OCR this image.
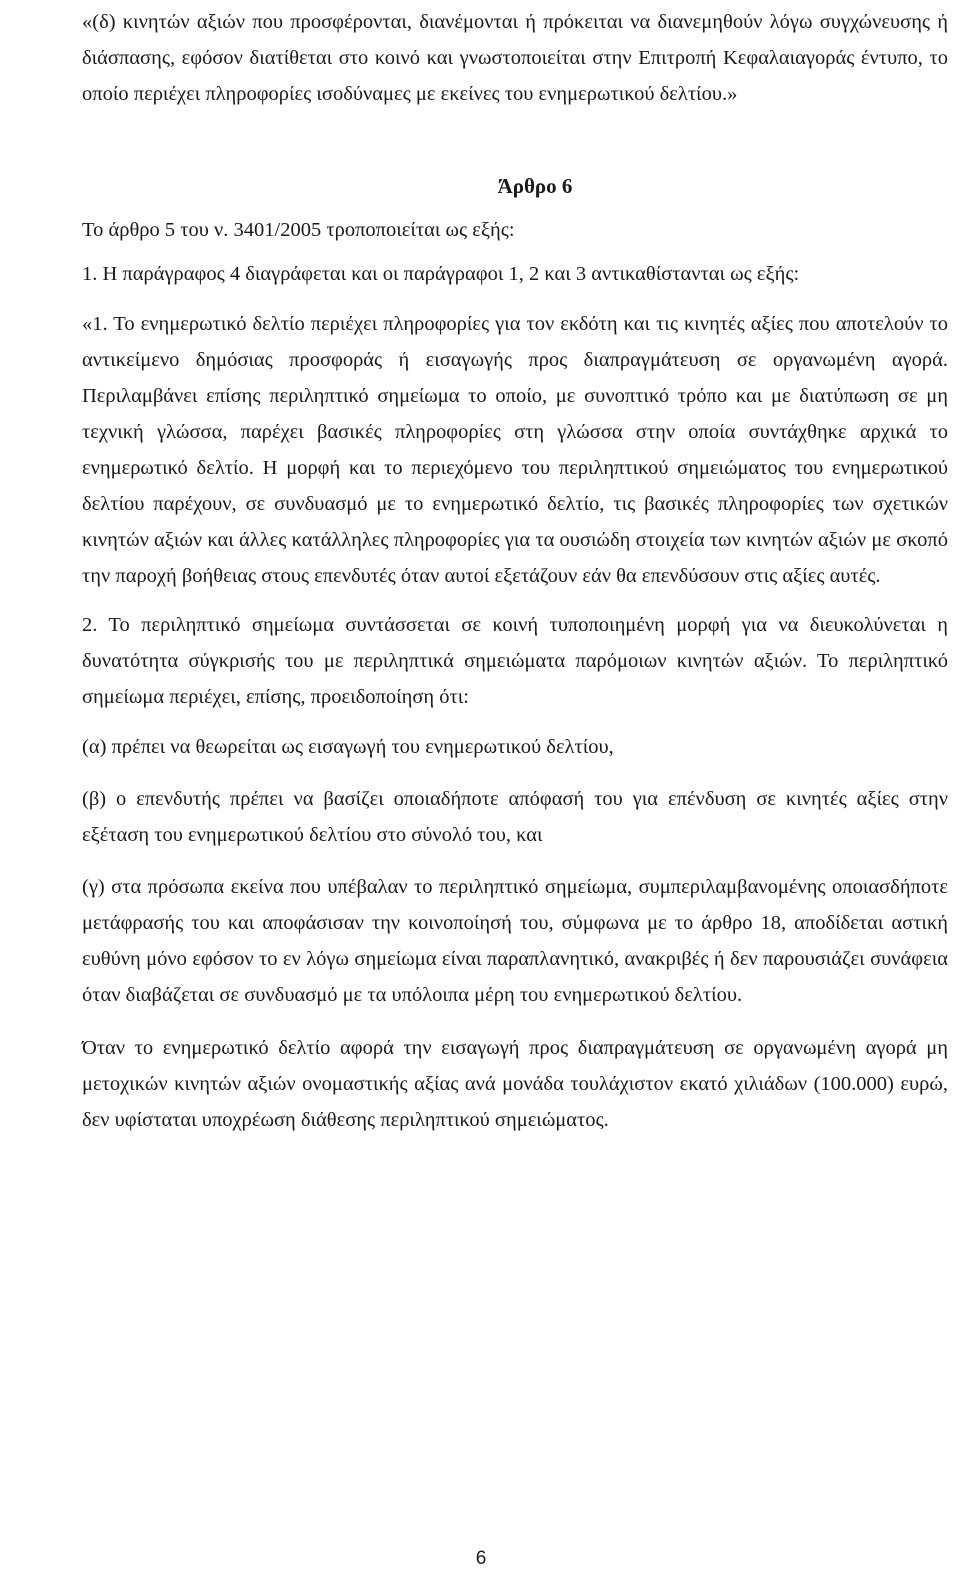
«(δ) κινητών αξιών που προσφέρονται, διανέμονται ή πρόκειται να διανεμηθούν λόγω συγχώνευσης ή διάσπασης, εφόσον διατίθεται στο κοινό και γνωστοποιείται στην Επιτροπή Κεφαλαιαγοράς έντυπο, το οποίο περιέχει πληροφορίες ισοδύναμες με εκείνες του ενημερωτικού δελτίου.»

Άρθρο 6

Το άρθρο 5 του ν. 3401/2005 τροποποιείται ως εξής:

1. Η παράγραφος 4 διαγράφεται και οι παράγραφοι 1, 2 και 3 αντικαθίστανται ως εξής:

«1. Το ενημερωτικό δελτίο περιέχει πληροφορίες για τον εκδότη και τις κινητές αξίες που αποτελούν το αντικείμενο δημόσιας προσφοράς ή εισαγωγής προς διαπραγμάτευση σε οργανωμένη αγορά. Περιλαμβάνει επίσης περιληπτικό σημείωμα το οποίο, με συνοπτικό τρόπο και με διατύπωση σε μη τεχνική γλώσσα, παρέχει βασικές πληροφορίες στη γλώσσα στην οποία συντάχθηκε αρχικά το ενημερωτικό δελτίο. Η μορφή και το περιεχόμενο του περιληπτικού σημειώματος του ενημερωτικού δελτίου παρέχουν, σε συνδυασμό με το ενημερωτικό δελτίο, τις βασικές πληροφορίες των σχετικών κινητών αξιών και άλλες κατάλληλες πληροφορίες για τα ουσιώδη στοιχεία των κινητών αξιών με σκοπό την παροχή βοήθειας στους επενδυτές όταν αυτοί εξετάζουν εάν θα επενδύσουν στις αξίες αυτές.

2. Το περιληπτικό σημείωμα συντάσσεται σε κοινή τυποποιημένη μορφή για να διευκολύνεται η δυνατότητα σύγκρισής του με περιληπτικά σημειώματα παρόμοιων κινητών αξιών. Το περιληπτικό σημείωμα περιέχει, επίσης, προειδοποίηση ότι:

(α) πρέπει να θεωρείται ως εισαγωγή του ενημερωτικού δελτίου,

(β) ο επενδυτής πρέπει να βασίζει οποιαδήποτε απόφασή του για επένδυση σε κινητές αξίες στην εξέταση του ενημερωτικού δελτίου στο σύνολό του, και

(γ) στα πρόσωπα εκείνα που υπέβαλαν το περιληπτικό σημείωμα, συμπεριλαμβανομένης οποιασδήποτε μετάφρασής του και αποφάσισαν την κοινοποίησή του, σύμφωνα με το άρθρο 18, αποδίδεται αστική ευθύνη μόνο εφόσον το εν λόγω σημείωμα είναι παραπλανητικό, ανακριβές ή δεν παρουσιάζει συνάφεια όταν διαβάζεται σε συνδυασμό με τα υπόλοιπα μέρη του ενημερωτικού δελτίου.

Όταν το ενημερωτικό δελτίο αφορά την εισαγωγή προς διαπραγμάτευση σε οργανωμένη αγορά μη μετοχικών κινητών αξιών ονομαστικής αξίας ανά μονάδα τουλάχιστον εκατό χιλιάδων (100.000) ευρώ, δεν υφίσταται υποχρέωση διάθεσης περιληπτικού σημειώματος.

6
